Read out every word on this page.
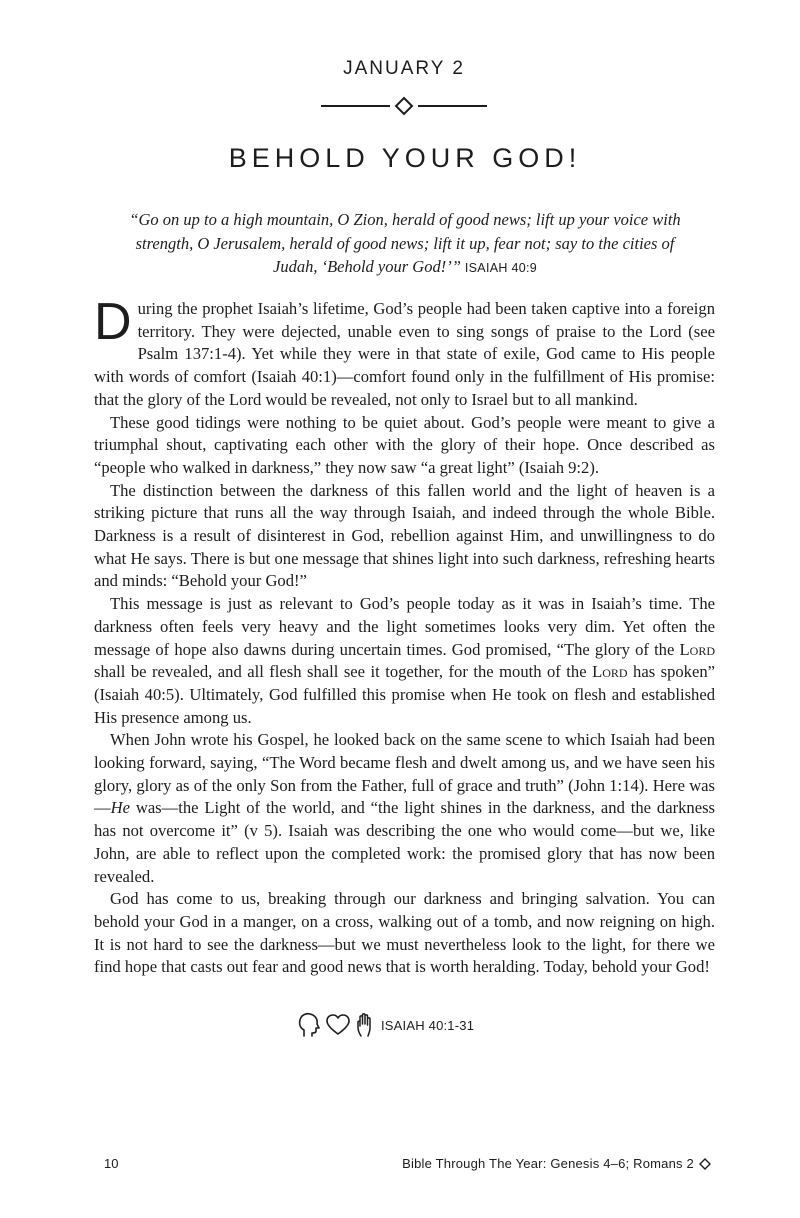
JANUARY 2
BEHOLD YOUR GOD!
“Go on up to a high mountain, O Zion, herald of good news; lift up your voice with strength, O Jerusalem, herald of good news; lift it up, fear not; say to the cities of Judah, ‘Behold your God!’” ISAIAH 40:9

During the prophet Isaiah’s lifetime, God’s people had been taken captive into a foreign territory. They were dejected, unable even to sing songs of praise to the Lord (see Psalm 137:1-4). Yet while they were in that state of exile, God came to His people with words of comfort (Isaiah 40:1)—comfort found only in the fulfillment of His promise: that the glory of the Lord would be revealed, not only to Israel but to all mankind.

These good tidings were nothing to be quiet about. God’s people were meant to give a triumphal shout, captivating each other with the glory of their hope. Once described as “people who walked in darkness,” they now saw “a great light” (Isaiah 9:2).

The distinction between the darkness of this fallen world and the light of heaven is a striking picture that runs all the way through Isaiah, and indeed through the whole Bible. Darkness is a result of disinterest in God, rebellion against Him, and unwillingness to do what He says. There is but one message that shines light into such darkness, refreshing hearts and minds: “Behold your God!”

This message is just as relevant to God’s people today as it was in Isaiah’s time. The darkness often feels very heavy and the light sometimes looks very dim. Yet often the message of hope also dawns during uncertain times. God promised, “The glory of the Lord shall be revealed, and all flesh shall see it together, for the mouth of the Lord has spoken” (Isaiah 40:5). Ultimately, God fulfilled this promise when He took on flesh and established His presence among us.

When John wrote his Gospel, he looked back on the same scene to which Isaiah had been looking forward, saying, “The Word became flesh and dwelt among us, and we have seen his glory, glory as of the only Son from the Father, full of grace and truth” (John 1:14). Here was—He was—the Light of the world, and “the light shines in the darkness, and the darkness has not overcome it” (v 5). Isaiah was describing the one who would come—but we, like John, are able to reflect upon the completed work: the promised glory that has now been revealed.

God has come to us, breaking through our darkness and bringing salvation. You can behold your God in a manger, on a cross, walking out of a tomb, and now reigning on high. It is not hard to see the darkness—but we must nevertheless look to the light, for there we find hope that casts out fear and good news that is worth heralding. Today, behold your God!

ISAIAH 40:1-31
10	Bible Through The Year: Genesis 4–6; Romans 2
